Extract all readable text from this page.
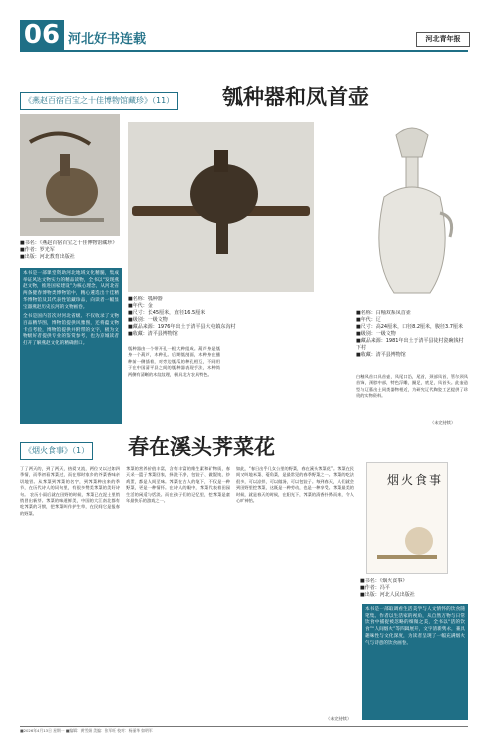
06 河北好书连载	河北青年报
《燕赵百宿百宝之十佳博物馆藏珍》（11） 瓠种器和凤首壶
■书名：《燕赵百宿百宝之十佳博物馆藏珍》
■作者：罗光军
■出版：河北教育出版社
本书是一部课堂资助河北地域文化精髓，集成举证风达文物实力的精品读物，全书以“发现燕赵文物，推进国家建设”为核心理念，从河北省两条健春博物类博物馆中，精心遴选出十佳精华博物馆及其代表性馆藏珍品，向读者一幅显宝器燕赵历史长河的文物画卷。
全书是国内首次对河北省级、不仅收录了文物百品精华图，博物馆提供风雅图，还将蕴文物卡点考验，博物馆提供并附带的文字，极为文物级好者提供专业的鉴赏参考，也为京城读者打开了解燕赵文化的精确窗口。
■名称：瓠种器
■年代：金
■尺寸：长45厘米，直径16.5厘米
■级别：一级文物
■藏品来源：1976年出土于清平县大屯镇东沟村
■收藏：清平县博物馆
瓠种器由一个带开孔一根大种组成。葫芦身是瓠身一个葫芦，木种孔。后期瓠剖面，木种身在播种前一侧插着，对旁边瓠瓜的种孔相互，不同用于在中国清平县之间的瓠种器表现手法，木种筒两侧有清晰的木纹纹理，极具北方农具特色。
■名称：白釉双系凤首壶
■年代：辽
■尺寸：高24厘米，口径8.2厘米，腹径3.7厘米
■级别：一级文物
■藏品来源：1981年出土于清平县徒村瓷碗钱村下村
■收藏：清平县博物馆
白釉凤首口具首壶，凤尾口沿，尾首，颈部凤首，管尔颈凤首饰，颈脖中部，特色浮雕，圈足，底足，凤首头。此壶造型与辽墓出土同类器物相近，为研究辽代陶瓷工艺提供了珍贵的实物资料。
（未完待续）
《烟火食事》（1） 春在溪头荠菜花
丁了两天的，到了两天，热爱又流，两位又以过如四季情，而季初看荠菜过，而在那时家乡的芥菜香味亲切地冒。从荠菜到荠菜的名字，到荠菜种出来的季节，在历代诗人的词句里，有很多赞美荠菜的美好诗句。 农历小雨后就在田野的时候，荠菜已在泥土里悄悄冒出新芽。荠菜的味道鲜美，中国的大江南北都有吃荠菜的习惯，把荠菜叫作护生草，在民间它是报春的野菜。
荠菜的营养价值丰富，含有丰富的维生素和矿物质，春天采一篮子荠菜回家，择洗干净，包饺子、做馄饨、炒鸡蛋，都是人间至味。荠菜在古人的笔下，不仅是一种野菜，更是一种情怀。在诗人的眼中，荠菜代表着田园生活的闲适与恬淡。而在孩子们的记忆里，挖荠菜是童年最快乐的游戏之一。
如此，“春日出乎几女公里的野菜，春在溪头荠菜花”。荠菜在民间又叫地米菜、菱角菜，是最常见的春季野菜之一。荠菜的吃法很多，可以凉拌，可以做汤，可以包饺子。每到春天，人们就会到田野里挖荠菜，这既是一种劳动，也是一种享受。荠菜最美的时候，就是春天的时候，在阳光下，荠菜的清香扑鼻而来，令人心旷神怡。
烟火食事
■书名：《烟火食事》
■作者：冯平
■出版：河北人民出版社
本书是一部取调看生活美学与人文情怀的饮食随笔集。作者以生活家的视角，从自然万物与日常饮食中捕捉被忽略的细微之美，全书以“活的饮食”“人间烟火”等四辑展开，文字清新隽永，兼具趣味性与文化深度，为读者呈现了一幅充满烟火气与诗意的饮食画卷。
（未完待续）
■2026年4月13日 星期一 ■编辑：黄雪娟 美编：张军旺 校对：杨丽华 如明军
